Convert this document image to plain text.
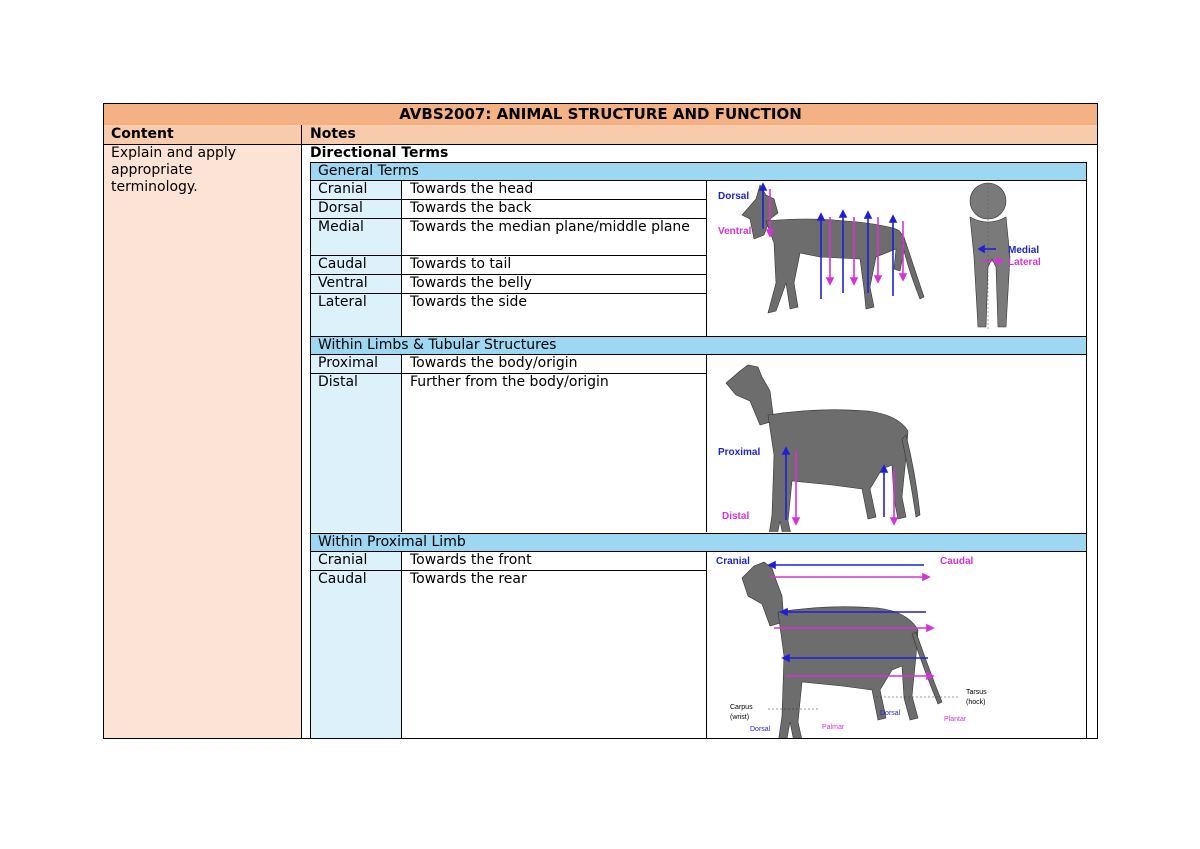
AVBS2007: ANIMAL STRUCTURE AND FUNCTION
Content	Notes
Explain and apply appropriate terminology.
Directional Terms
General Terms
Cranial	Towards the head
Dorsal	Towards the back
Medial	Towards the median plane/middle plane
Caudal	Towards to tail
Ventral	Towards the belly
Lateral	Towards the side
Dorsal
Ventral
Medial
Lateral
Within Limbs & Tubular Structures
Proximal Towards the body/origin
Distal	Further from the body/origin
Proximal
Distal
Within Proximal Limb
Cranial	Towards the front
Caudal	Towards the rear
Cranial	Caudal
Carpus
(wrist)
Tarsus
(hock)
Dorsal	Palmar
Dorsal
Plantar
